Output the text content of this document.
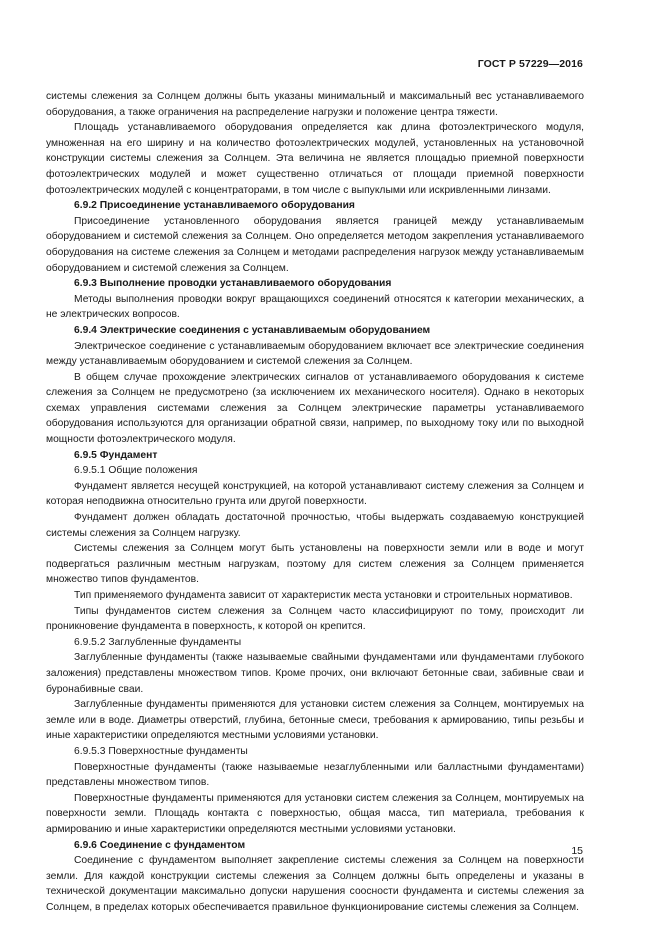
ГОСТ Р 57229—2016

системы слежения за Солнцем должны быть указаны минимальный и максимальный вес устанавливаемого оборудования, а также ограничения на распределение нагрузки и положение центра тяжести.

Площадь устанавливаемого оборудования определяется как длина фотоэлектрического модуля, умноженная на его ширину и на количество фотоэлектрических модулей, установленных на установочной конструкции системы слежения за Солнцем. Эта величина не является площадью приемной поверхности фотоэлектрических модулей и может существенно отличаться от площади приемной поверхности фотоэлектрических модулей с концентраторами, в том числе с выпуклыми или искривленными линзами.

6.9.2 Присоединение устанавливаемого оборудования

Присоединение установленного оборудования является границей между устанавливаемым оборудованием и системой слежения за Солнцем. Оно определяется методом закрепления устанавливаемого оборудования на системе слежения за Солнцем и методами распределения нагрузок между устанавливаемым оборудованием и системой слежения за Солнцем.

6.9.3 Выполнение проводки устанавливаемого оборудования

Методы выполнения проводки вокруг вращающихся соединений относятся к категории механических, а не электрических вопросов.

6.9.4 Электрические соединения с устанавливаемым оборудованием

Электрическое соединение с устанавливаемым оборудованием включает все электрические соединения между устанавливаемым оборудованием и системой слежения за Солнцем.

В общем случае прохождение электрических сигналов от устанавливаемого оборудования к системе слежения за Солнцем не предусмотрено (за исключением их механического носителя). Однако в некоторых схемах управления системами слежения за Солнцем электрические параметры устанавливаемого оборудования используются для организации обратной связи, например, по выходному току или по выходной мощности фотоэлектрического модуля.

6.9.5 Фундамент
6.9.5.1 Общие положения

Фундамент является несущей конструкцией, на которой устанавливают систему слежения за Солнцем и которая неподвижна относительно грунта или другой поверхности.

Фундамент должен обладать достаточной прочностью, чтобы выдержать создаваемую конструкцией системы слежения за Солнцем нагрузку.

Системы слежения за Солнцем могут быть установлены на поверхности земли или в воде и могут подвергаться различным местным нагрузкам, поэтому для систем слежения за Солнцем применяется множество типов фундаментов.

Тип применяемого фундамента зависит от характеристик места установки и строительных нормативов.

Типы фундаментов систем слежения за Солнцем часто классифицируют по тому, происходит ли проникновение фундамента в поверхность, к которой он крепится.

6.9.5.2 Заглубленные фундаменты

Заглубленные фундаменты (также называемые свайными фундаментами или фундаментами глубокого заложения) представлены множеством типов. Кроме прочих, они включают бетонные сваи, забивные сваи и буронабивные сваи.

Заглубленные фундаменты применяются для установки систем слежения за Солнцем, монтируемых на земле или в воде. Диаметры отверстий, глубина, бетонные смеси, требования к армированию, типы резьбы и иные характеристики определяются местными условиями установки.

6.9.5.3 Поверхностные фундаменты

Поверхностные фундаменты (также называемые незаглубленными или балластными фундаментами) представлены множеством типов.

Поверхностные фундаменты применяются для установки систем слежения за Солнцем, монтируемых на поверхности земли. Площадь контакта с поверхностью, общая масса, тип материала, требования к армированию и иные характеристики определяются местными условиями установки.

6.9.6 Соединение с фундаментом

Соединение с фундаментом выполняет закрепление системы слежения за Солнцем на поверхности земли. Для каждой конструкции системы слежения за Солнцем должны быть определены и указаны в технической документации максимально допуски нарушения соосности фундамента и системы слежения за Солнцем, в пределах которых обеспечивается правильное функционирование системы слежения за Солнцем.

15
